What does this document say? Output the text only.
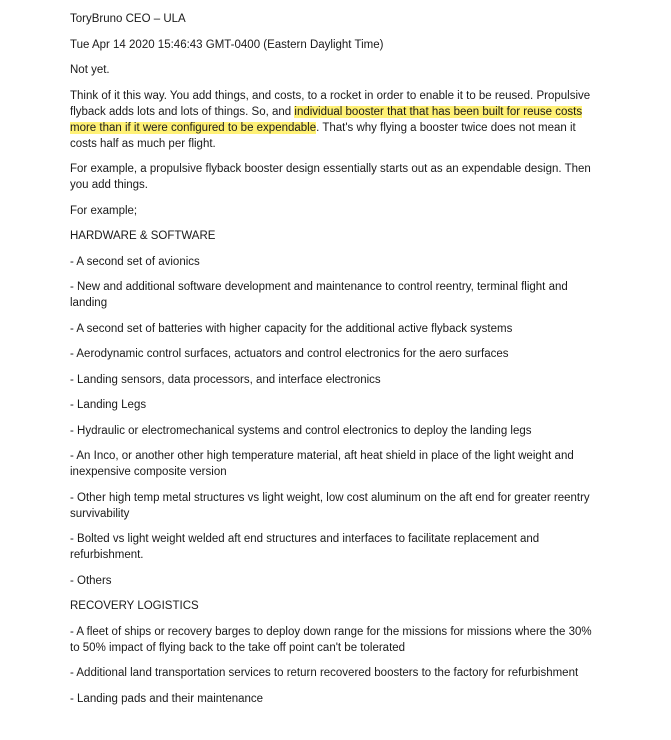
ToryBruno CEO – ULA
Tue Apr 14 2020 15:46:43 GMT-0400 (Eastern Daylight Time)
Not yet.
Think of it this way. You add things, and costs, to a rocket in order to enable it to be reused. Propulsive flyback adds lots and lots of things. So, and individual booster that that has been built for reuse costs more than if it were configured to be expendable. That's why flying a booster twice does not mean it costs half as much per flight.
For example, a propulsive flyback booster design essentially starts out as an expendable design. Then you add things.
For example;
HARDWARE & SOFTWARE
- A second set of avionics
- New and additional software development and maintenance to control reentry, terminal flight and landing
- A second set of batteries with higher capacity for the additional active flyback systems
- Aerodynamic control surfaces, actuators and control electronics for the aero surfaces
- Landing sensors, data processors, and interface electronics
- Landing Legs
- Hydraulic or electromechanical systems and control electronics to deploy the landing legs
- An Inco, or another other high temperature material, aft heat shield in place of the light weight and inexpensive composite version
- Other high temp metal structures vs light weight, low cost aluminum on the aft end for greater reentry survivability
- Bolted vs light weight welded aft end structures and interfaces to facilitate replacement and refurbishment.
- Others
RECOVERY LOGISTICS
- A fleet of ships or recovery barges to deploy down range for the missions for missions where the 30% to 50% impact of flying back to the take off point can't be tolerated
- Additional land transportation services to return recovered boosters to the factory for refurbishment
- Landing pads and their maintenance
